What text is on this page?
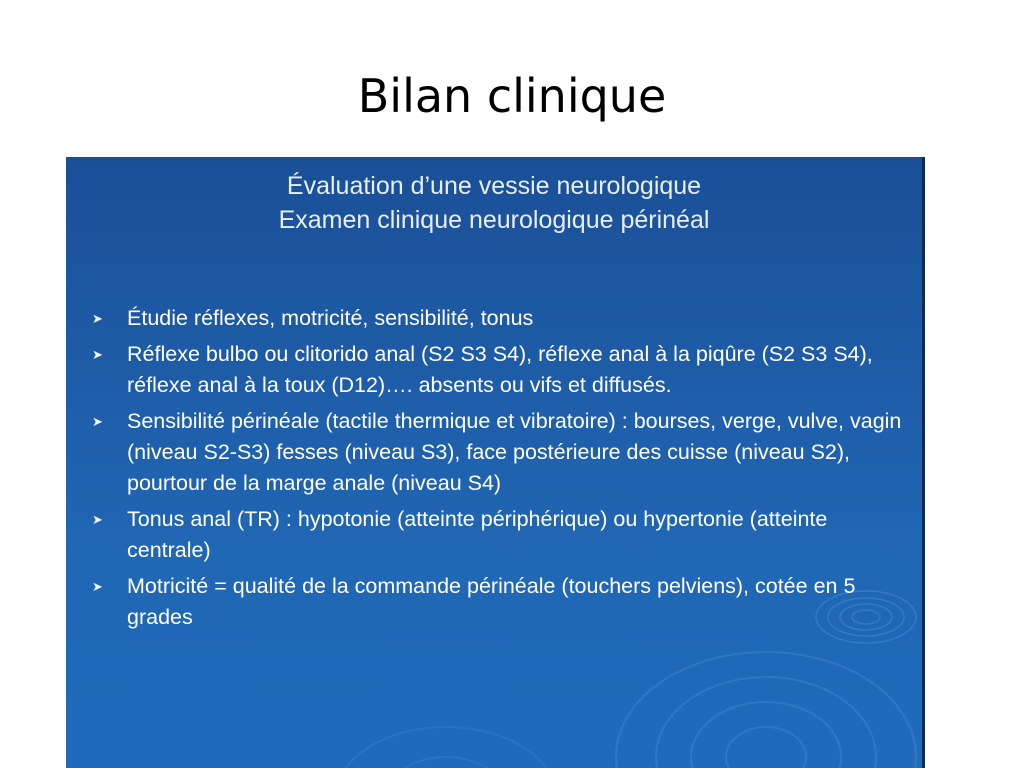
Bilan clinique
Évaluation d’une vessie neurologique
Examen clinique neurologique périnéal
➤ Étudie réflexes, motricité, sensibilité, tonus
➤ Réflexe bulbo ou clitorido anal (S2 S3 S4), réflexe anal à la piqûre (S2 S3 S4), réflexe anal à la toux (D12)…. absents ou vifs et diffusés.
➤ Sensibilité périnéale (tactile thermique et vibratoire) : bourses, verge, vulve, vagin (niveau S2-S3) fesses (niveau S3), face postérieure des cuisse (niveau S2), pourtour de la marge anale (niveau S4)
➤ Tonus anal (TR) : hypotonie (atteinte périphérique) ou hypertonie (atteinte centrale)
➤ Motricité = qualité de la commande périnéale (touchers pelviens), cotée en 5 grades
